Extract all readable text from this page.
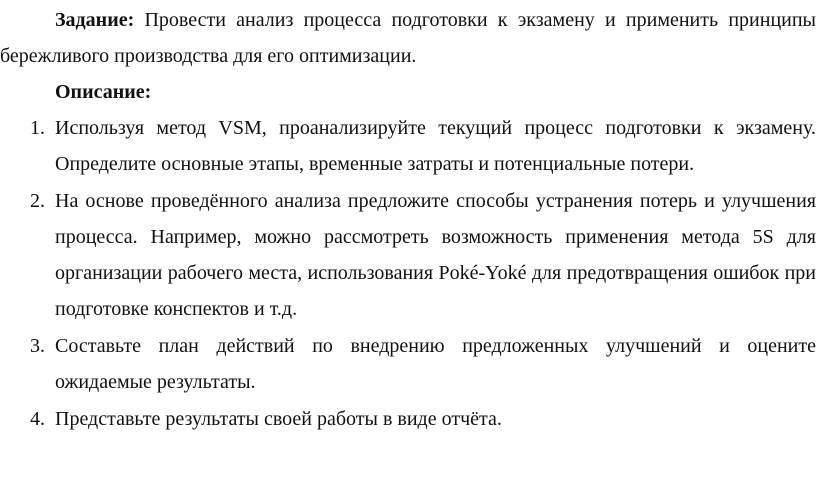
Задание: Провести анализ процесса подготовки к экзамену и применить принципы бережливого производства для его оптимизации.

Описание:

1. Используя метод VSM, проанализируйте текущий процесс подготовки к экзамену. Определите основные этапы, временные затраты и потенциальные потери.
2. На основе проведённого анализа предложите способы устранения потерь и улучшения процесса. Например, можно рассмотреть возможность применения метода 5S для организации рабочего места, использования Poké-Yoké для предотвращения ошибок при подготовке конспектов и т.д.
3. Составьте план действий по внедрению предложенных улучшений и оцените ожидаемые результаты.
4. Представьте результаты своей работы в виде отчёта.
